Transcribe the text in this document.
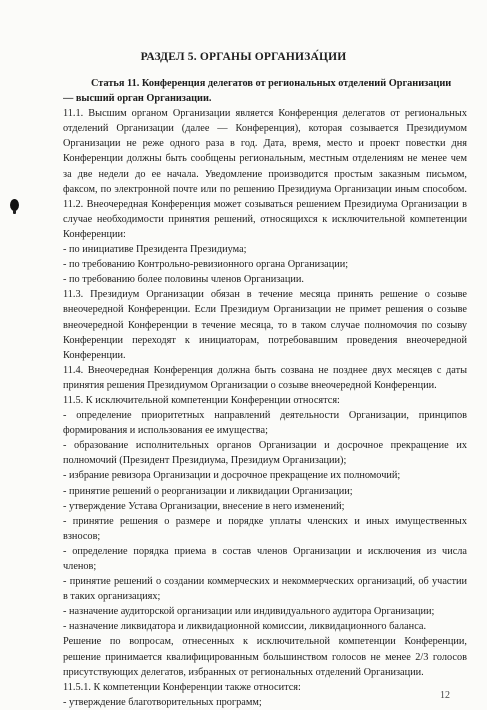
РАЗДЕЛ 5. ОРГАНЫ ОРГАНИЗА́ЦИИ
Статья 11. Конференция делегатов от региональных отделений Организации
— высший орган Организации.
11.1. Высшим органом Организации является Конференция делегатов от региональных
отделений Организации (далее — Конференция), которая созывается Президиумом
Организации не реже одного раза в год. Дата, время, место и проект повестки дня
Конференции должны быть сообщены региональным, местным отделениям не менее чем
за две недели до ее начала. Уведомление производится простым заказным письмом,
факсом, по электронной почте или по решению Президиума Организации иным способом.
11.2. Внеочередная Конференция может созываться решением Президиума Организации в
случае необходимости принятия решений, относящихся к исключительной компетенции
Конференции:
- по инициативе Президента Президиума;
- по требованию Контрольно-ревизионного органа Организации;
- по требованию более половины членов Организации.
11.3. Президиум Организации обязан в течение месяца принять решение о созыве
внеочередной Конференции. Если Президиум Организации не примет решения о созыве
внеочередной Конференции в течение месяца, то в таком случае полномочия по созыву
Конференции переходят к инициаторам, потребовавшим проведения внеочередной
Конференции.
11.4. Внеочередная Конференция должна быть созвана не позднее двух месяцев с даты
принятия решения Президиумом Организации о созыве внеочередной Конференции.
11.5. К исключительной компетенции Конференции относятся:
- определение приоритетных направлений деятельности Организации, принципов
формирования и использования ее имущества;
- образование исполнительных органов Организации и досрочное прекращение их
полномочий (Президент Президиума, Президиум Организации);
- избрание ревизора Организации и досрочное прекращение их полномочий;
- принятие решений о реорганизации и ликвидации Организации;
- утверждение Устава Организации, внесение в него изменений;
- принятие решения о размере и порядке уплаты членских и иных имущественных
взносов;
- определение порядка приема в состав членов Организации и исключения из числа
членов;
- принятие решений о создании коммерческих и некоммерческих организаций, об участии
в таких организациях;
- назначение аудиторской организации или индивидуального аудитора Организации;
- назначение ликвидатора и ликвидационной комиссии, ликвидационного баланса.
Решение по вопросам, отнесенных к исключительной компетенции Конференции,
решение принимается квалифицированным большинством голосов не менее 2/3 голосов
присутствующих делегатов, избранных от региональных отделений Организации.
11.5.1. К компетенции Конференции также относится:
- утверждение благотворительных программ;
12
